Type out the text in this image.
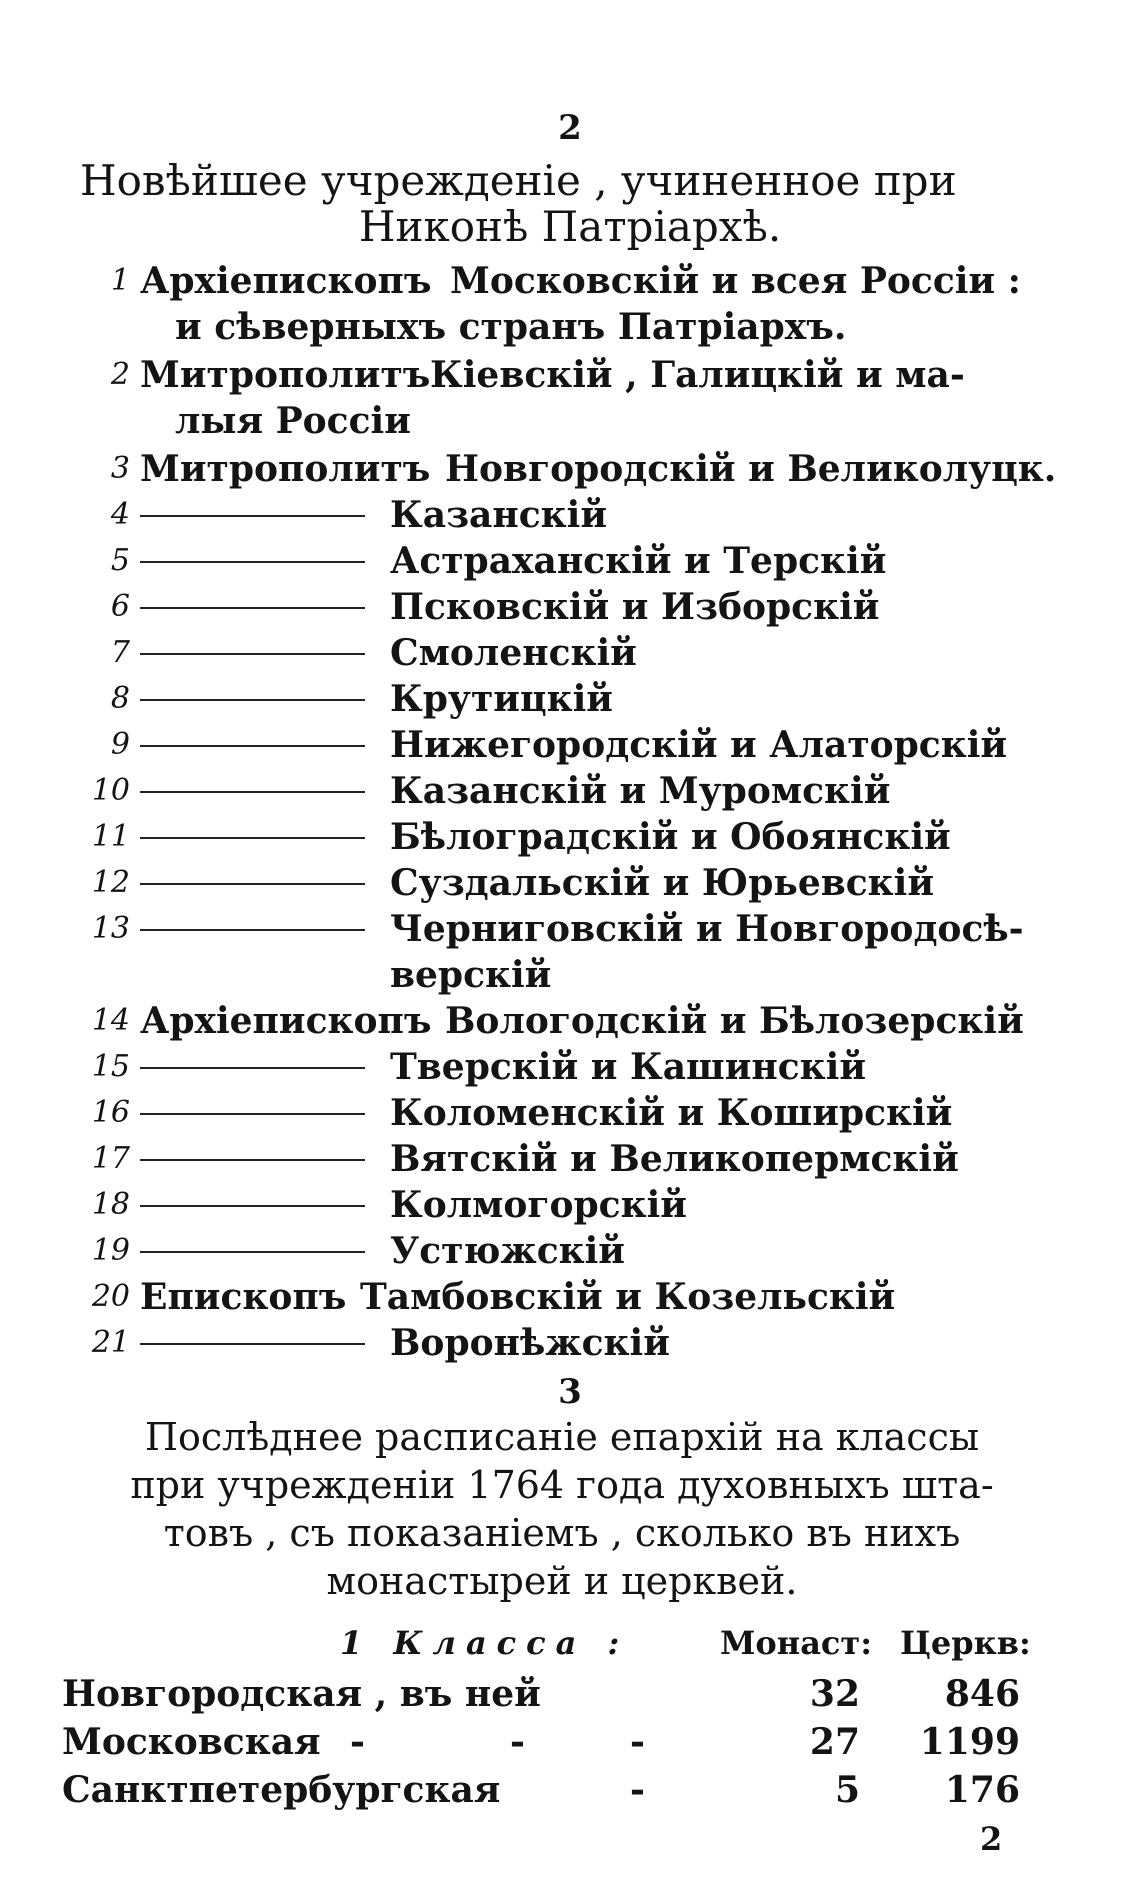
2
Новѣйшее учрежденіе , учиненное при
Никонѣ Патріархѣ.
1 Архіепископъ Московскій и всея Россіи :
и сѣверныхъ странъ Патріархъ.
2 Митрополитъ Кіевскій , Галицкій и ма-
лыя Россіи
3 Митрополитъ Новгородскій и Великолуцк.
4	Казанскій
5	Астраханскій и Терскій
6	Псковскій и Изборскій
7	Смоленскій
8	Крутицкій
9	Нижегородскій и Алаторскій
10	Казанскій и Муромскій
11	Бѣлоградскій и Обоянскій
12	Суздальскій и Юрьевскій
13	Черниговскій и Новгородосѣ-
верскій
14 Архіепископъ Вологодскій и Бѣлозерскій
15	Тверскій и Кашинскій
16	Коломенскій и Коширскій
17	Вятскій и Великопермскій
18	Колмогорскій
19	Устюжскій
20 Епископъ Тамбовскій и Козельскій
21	Воронѣжскій
3
Послѣднее расписаніе епархій на классы
при учрежденіи 1764 года духовныхъ шта-
товъ , съ показаніемъ , сколько въ нихъ
монастырей и церквей.
1 Класса :	Монаст: Церкв:
Новгородская , въ ней	32	846
Московская -	-	-	27	1199
Санктпетербургская	-	5	176
2
